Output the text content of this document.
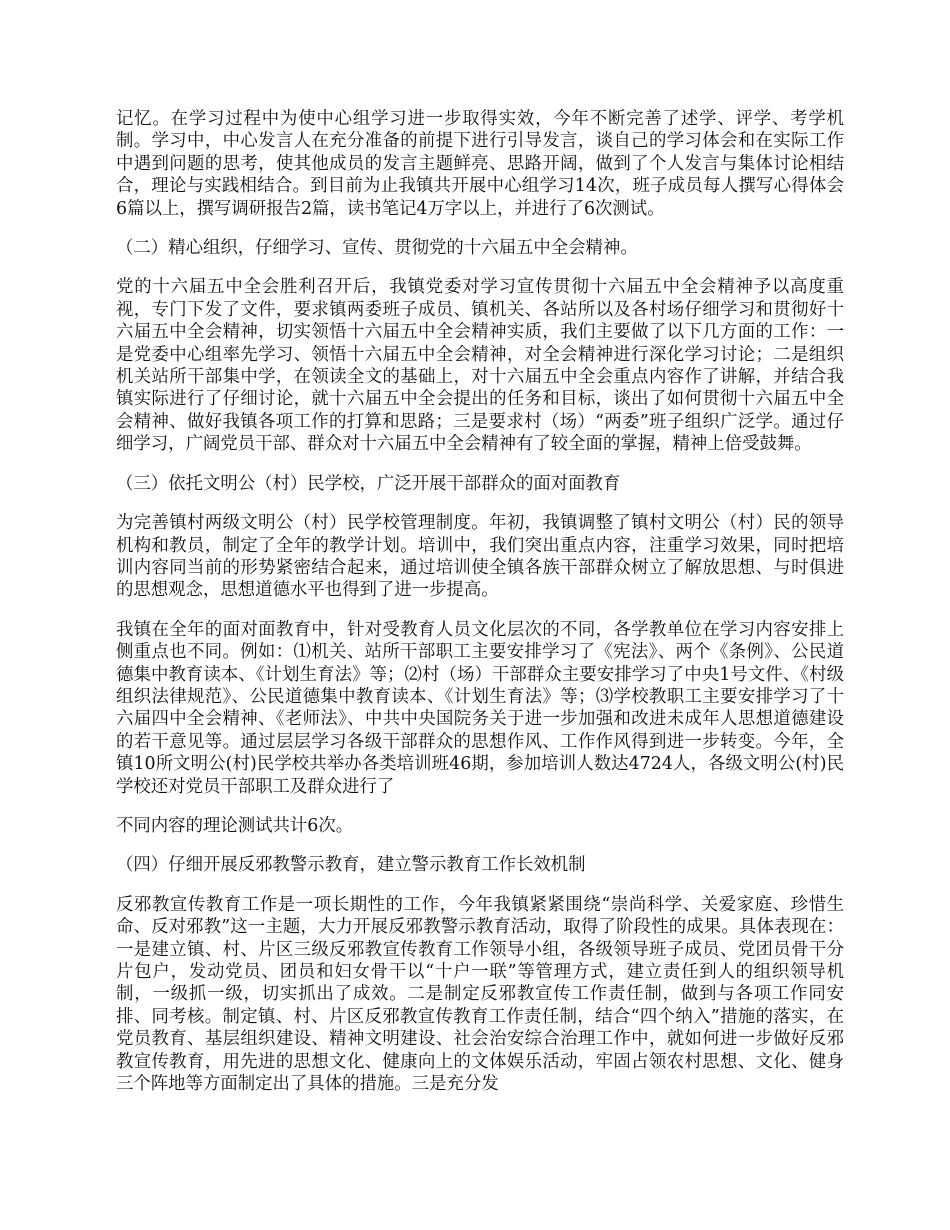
记忆。在学习过程中为使中心组学习进一步取得实效，今年不断完善了述学、评学、考学机制。学习中，中心发言人在充分准备的前提下进行引导发言，谈自己的学习体会和在实际工作中遇到问题的思考，使其他成员的发言主题鲜亮、思路开阔，做到了个人发言与集体讨论相结合，理论与实践相结合。到目前为止我镇共开展中心组学习14次，班子成员每人撰写心得体会6篇以上，撰写调研报告2篇，读书笔记4万字以上，并进行了6次测试。

（二）精心组织，仔细学习、宣传、贯彻党的十六届五中全会精神。

党的十六届五中全会胜利召开后，我镇党委对学习宣传贯彻十六届五中全会精神予以高度重视，专门下发了文件，要求镇两委班子成员、镇机关、各站所以及各村场仔细学习和贯彻好十六届五中全会精神，切实领悟十六届五中全会精神实质，我们主要做了以下几方面的工作：一是党委中心组率先学习、领悟十六届五中全会精神，对全会精神进行深化学习讨论；二是组织机关站所干部集中学，在领读全文的基础上，对十六届五中全会重点内容作了讲解，并结合我镇实际进行了仔细讨论，就十六届五中全会提出的任务和目标，谈出了如何贯彻十六届五中全会精神、做好我镇各项工作的打算和思路；三是要求村（场）“两委”班子组织广泛学。通过仔细学习，广阔党员干部、群众对十六届五中全会精神有了较全面的掌握，精神上倍受鼓舞。

（三）依托文明公（村）民学校，广泛开展干部群众的面对面教育

为完善镇村两级文明公（村）民学校管理制度。年初，我镇调整了镇村文明公（村）民的领导机构和教员，制定了全年的教学计划。培训中，我们突出重点内容，注重学习效果，同时把培训内容同当前的形势紧密结合起来，通过培训使全镇各族干部群众树立了解放思想、与时俱进的思想观念，思想道德水平也得到了进一步提高。

我镇在全年的面对面教育中，针对受教育人员文化层次的不同，各学教单位在学习内容安排上侧重点也不同。例如：⑴机关、站所干部职工主要安排学习了《宪法》、两个《条例》、公民道德集中教育读本、《计划生育法》等；⑵村（场）干部群众主要安排学习了中央1号文件、《村级组织法律规范》、公民道德集中教育读本、《计划生育法》等；⑶学校教职工主要安排学习了十六届四中全会精神、《老师法》、中共中央国院务关于进一步加强和改进未成年人思想道德建设的若干意见等。通过层层学习各级干部群众的思想作风、工作作风得到进一步转变。今年，全镇10所文明公(村)民学校共举办各类培训班46期，参加培训人数达4724人，各级文明公(村)民学校还对党员干部职工及群众进行了

不同内容的理论测试共计6次。

（四）仔细开展反邪教警示教育，建立警示教育工作长效机制

反邪教宣传教育工作是一项长期性的工作，今年我镇紧紧围绕“崇尚科学、关爱家庭、珍惜生命、反对邪教”这一主题，大力开展反邪教警示教育活动，取得了阶段性的成果。具体表现在：一是建立镇、村、片区三级反邪教宣传教育工作领导小组，各级领导班子成员、党团员骨干分片包户，发动党员、团员和妇女骨干以“十户一联”等管理方式，建立责任到人的组织领导机制，一级抓一级，切实抓出了成效。二是制定反邪教宣传工作责任制，做到与各项工作同安排、同考核。制定镇、村、片区反邪教宣传教育工作责任制，结合“四个纳入”措施的落实，在党员教育、基层组织建设、精神文明建设、社会治安综合治理工作中，就如何进一步做好反邪教宣传教育，用先进的思想文化、健康向上的文体娱乐活动，牢固占领农村思想、文化、健身三个阵地等方面制定出了具体的措施。三是充分发
